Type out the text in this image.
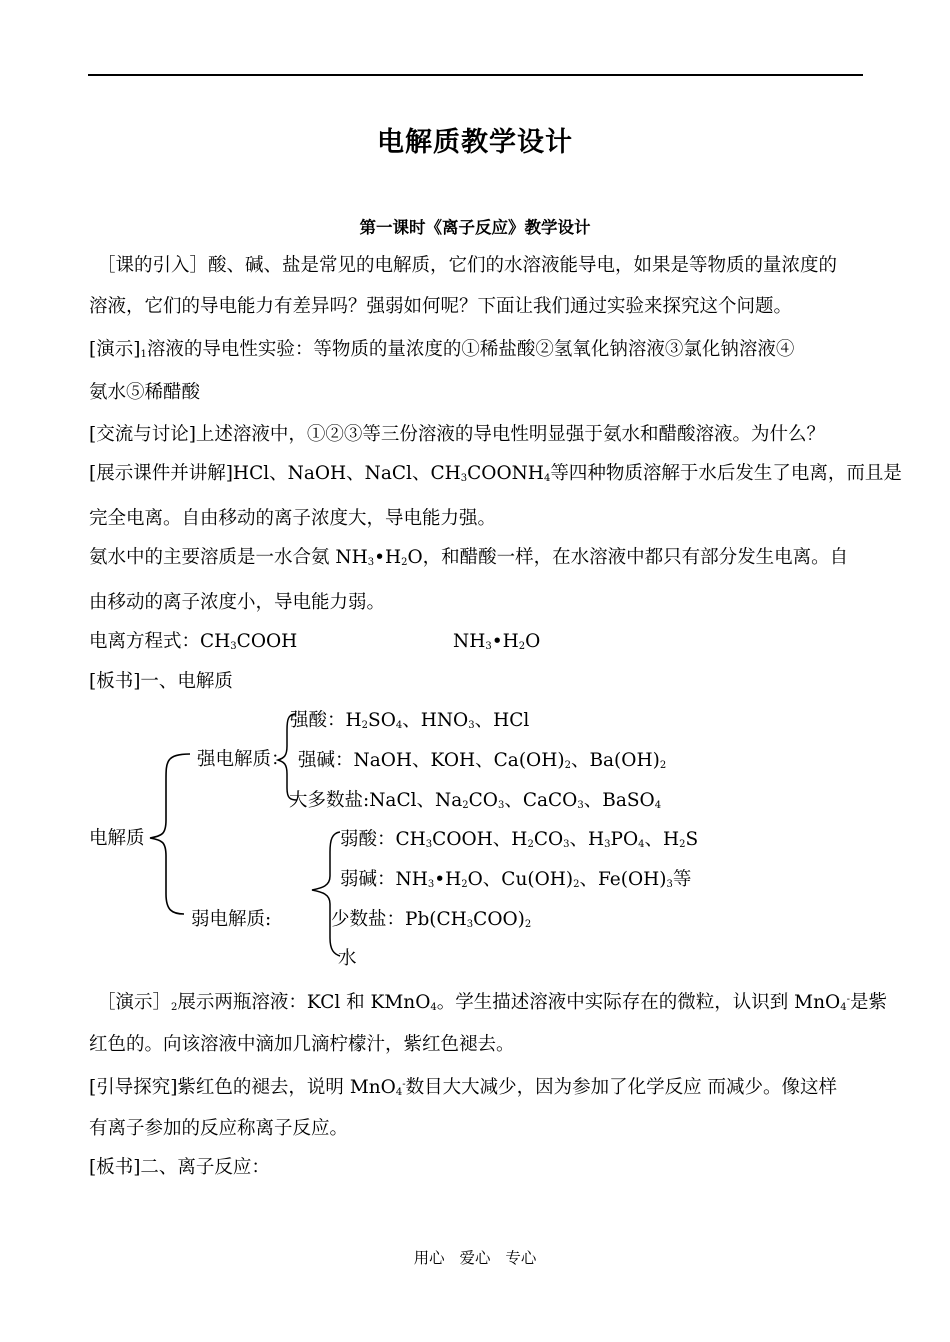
电解质教学设计
第一课时《离子反应》教学设计
［课的引入］酸、碱、盐是常见的电解质，它们的水溶液能导电，如果是等物质的量浓度的
溶液，它们的导电能力有差异吗？强弱如何呢？下面让我们通过实验来探究这个问题。
[演示]$_1$溶液的导电性实验：等物质的量浓度的①稀盐酸②氢氧化钠溶液③氯化钠溶液④
氨水⑤稀醋酸
[交流与讨论]上述溶液中，①②③等三份溶液的导电性明显强于氨水和醋酸溶液。为什么？
[展示课件并讲解]HCl、NaOH、NaCl、$CH_3COONH_4$等四种物质溶解于水后发生了电离，而且是
完全电离。自由移动的离子浓度大，导电能力强。
氨水中的主要溶质是一水合氨 $NH_3•H_2O$，和醋酸一样，在水溶液中都只有部分发生电离。自
由移动的离子浓度小，导电能力弱。
电离方程式：$CH_3COOH$	$NH_3•H_2O$
[板书]一、电解质
电解质
强电解质：
弱电解质:
强酸：$H_2SO_4$、$HNO_3$、HCl
强碱：NaOH、KOH、$Ca(OH)_2$、$Ba(OH)_2$
大多数盐:NaCl、$Na_2CO_3$、CaCO$_3$、BaSO$_4$
弱酸：$CH_3COOH$、$H_2CO_3$、$H_3PO_4$、$H_2S$
弱碱：$NH_3•H_2O$、$Cu(OH)_2$、$Fe(OH)_3$等
少数盐：$Pb(CH_3COO)_2$
水
［演示$]_2$展示两瓶溶液：KCl 和 KMnO$_4$。学生描述溶液中实际存在的微粒，认识到 MnO$_4$-是紫
红色的。向该溶液中滴加几滴柠檬汁，紫红色褪去。
[引导探究]紫红色的褪去，说明 MnO$_4$-数目大大减少，因为参加了化学反应 而减少。像这样
有离子参加的反应称离子反应。
[板书]二、离子反应：
用心 爱心 专心
